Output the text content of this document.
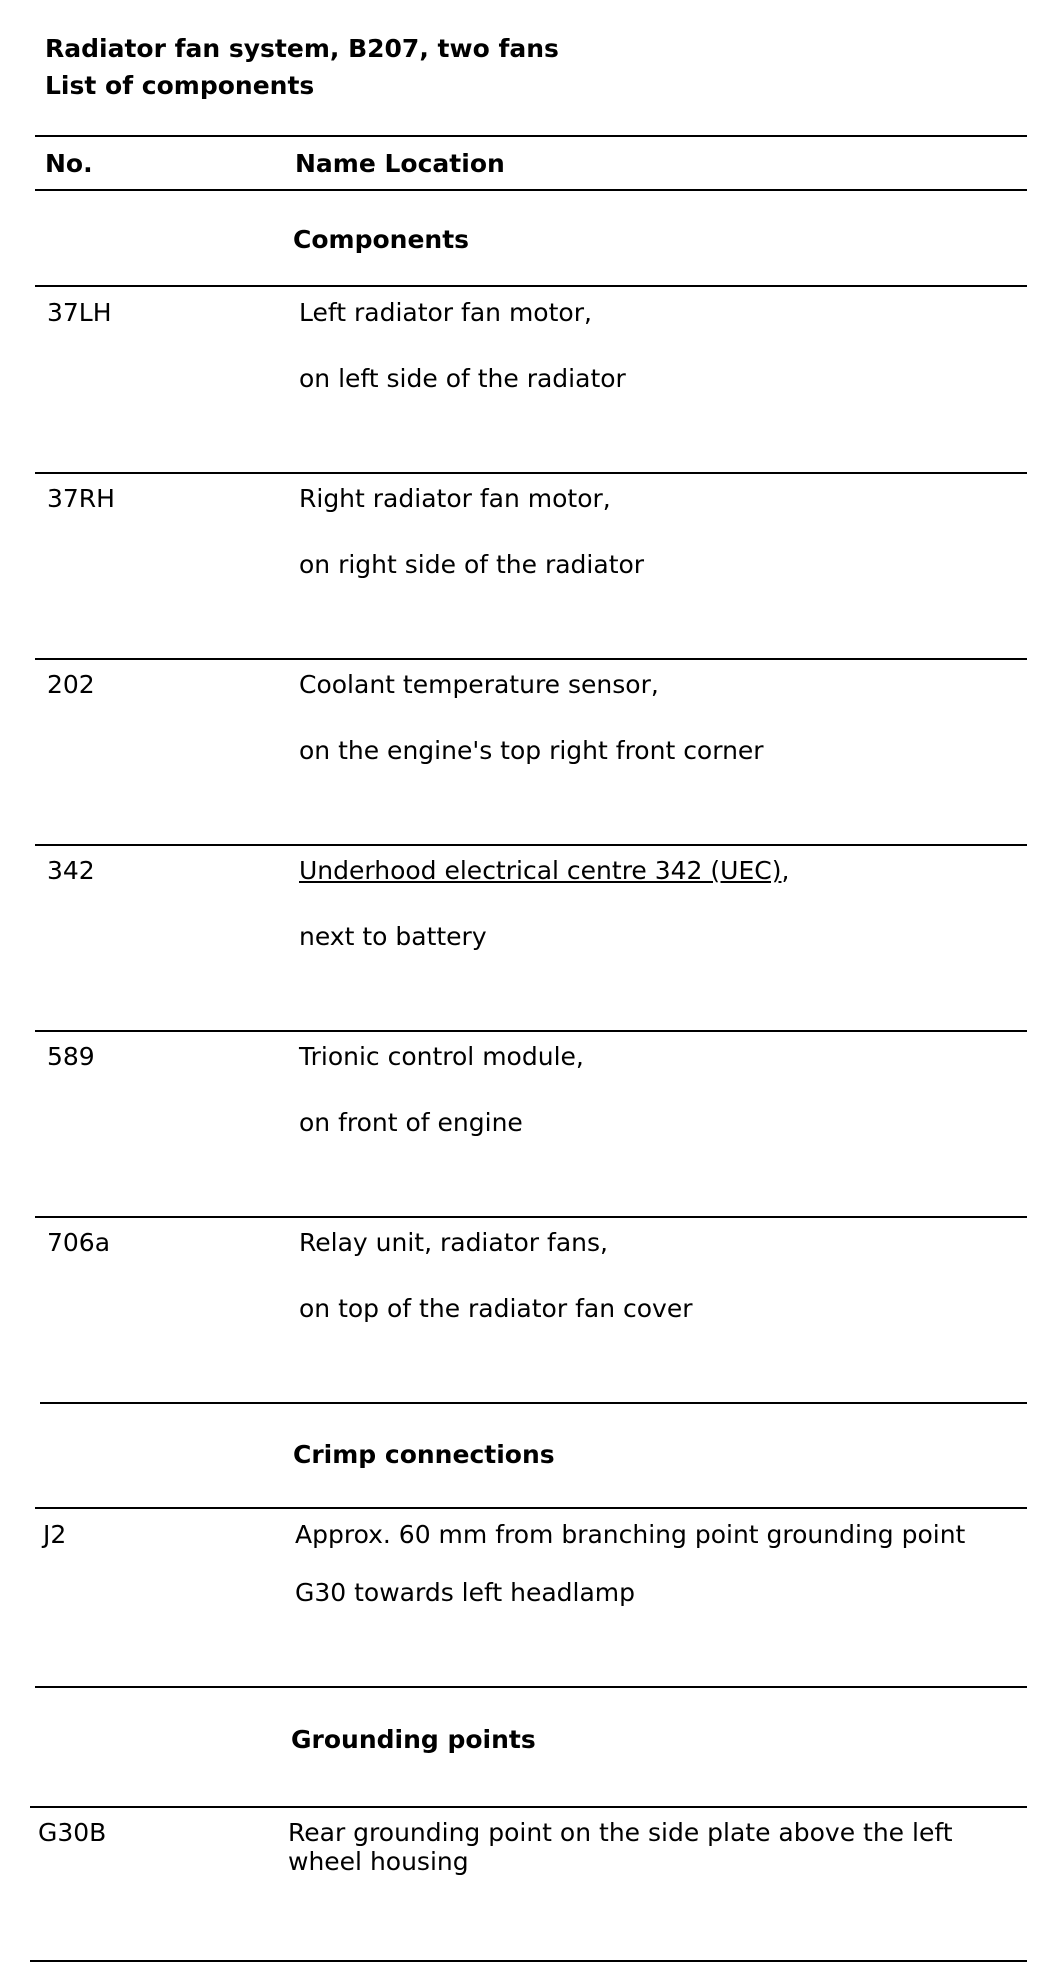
Radiator fan system, B207, two fans
List of components
No.	Name Location
Components
37LH	Left radiator fan motor,
on left side of the radiator
37RH	Right radiator fan motor,
on right side of the radiator
202	Coolant temperature sensor,
on the engine's top right front corner
342	Underhood electrical centre 342 (UEC),
next to battery
589	Trionic control module,
on front of engine
706a	Relay unit, radiator fans,
on top of the radiator fan cover
Crimp connections
J2	Approx. 60 mm from branching point grounding point
G30 towards left headlamp
Grounding points
G30B	Rear grounding point on the side plate above the left wheel housing
